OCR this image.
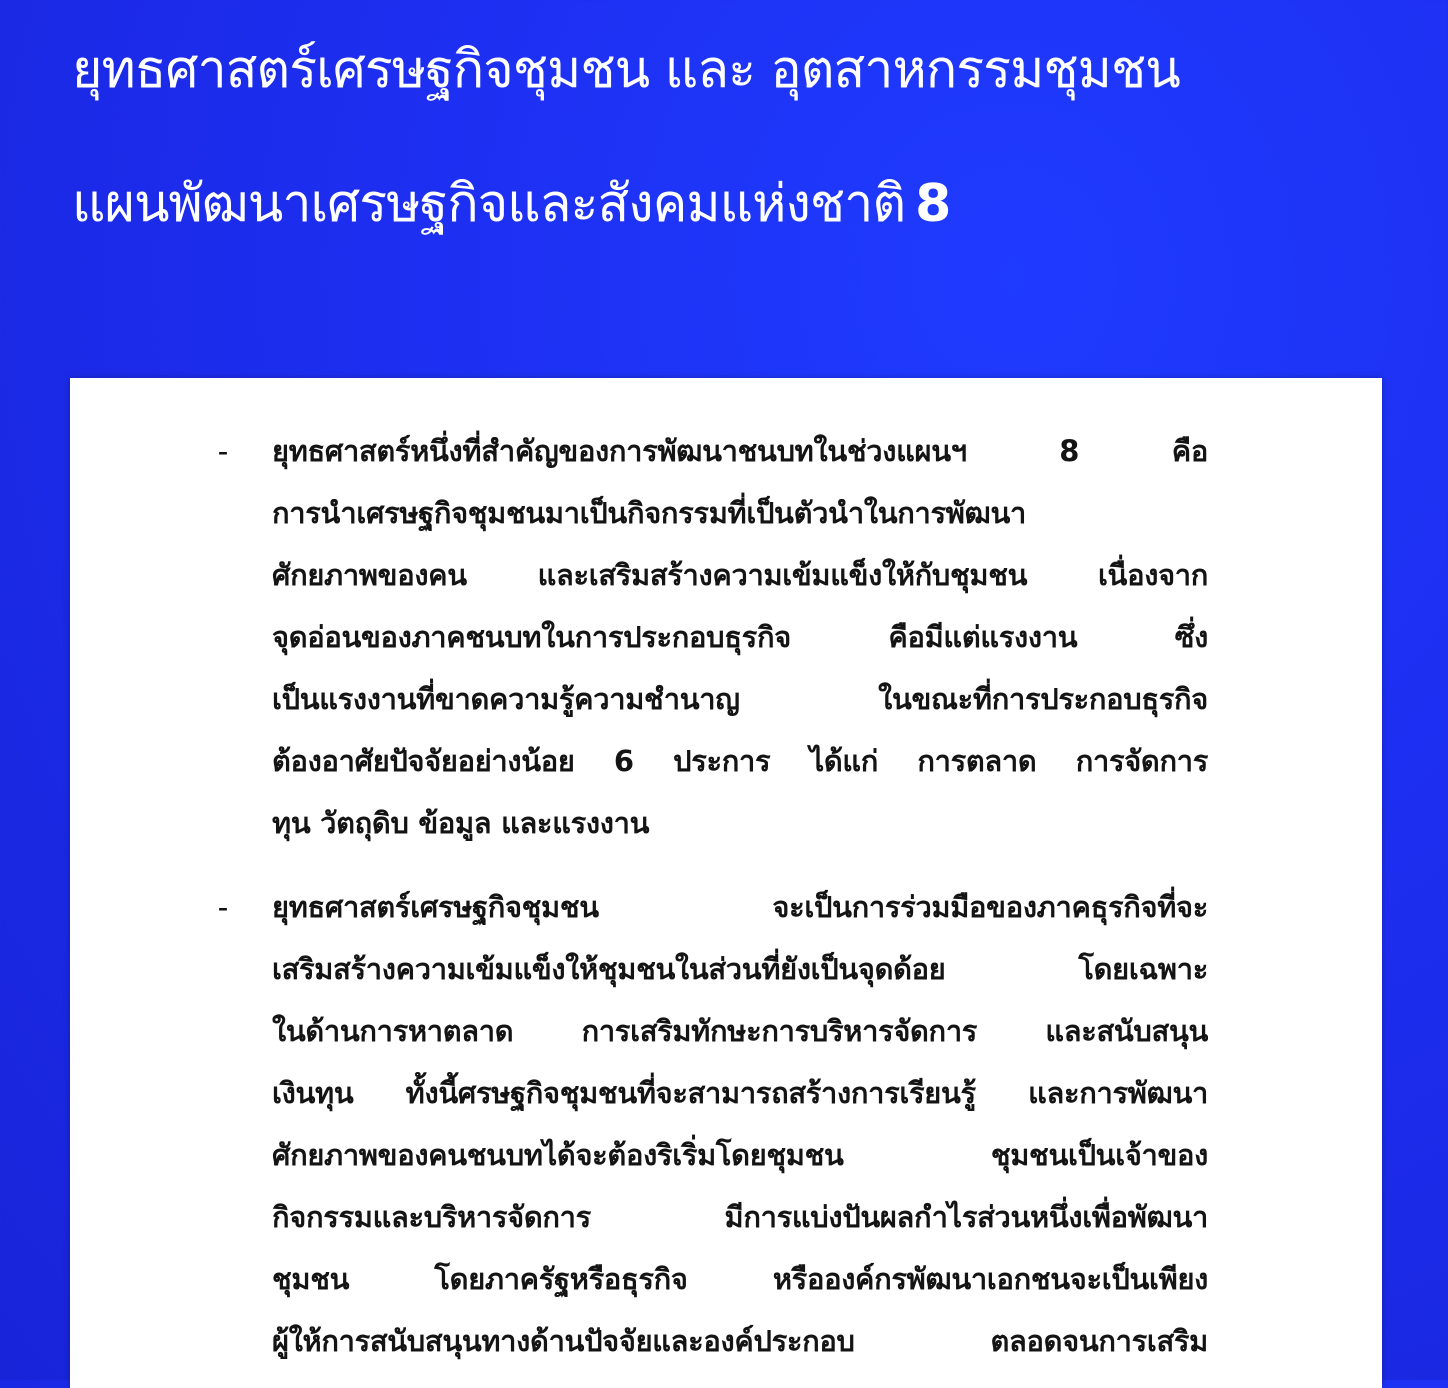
ยุทธศาสตร์เศรษฐกิจชุมชน และ อุตสาหกรรมชุมชน

แผนพัฒนาเศรษฐกิจและสังคมแห่งชาติ 8

- ยุทธศาสตร์หนึ่งที่สำคัญของการพัฒนาชนบทในช่วงแผนฯ 8 คือ
การนำเศรษฐกิจชุมชนมาเป็นกิจกรรมที่เป็นตัวนำในการพัฒนา
ศักยภาพของคน และเสริมสร้างความเข้มแข็งให้กับชุมชน เนื่องจาก
จุดอ่อนของภาคชนบทในการประกอบธุรกิจ คือมีแต่แรงงาน ซึ่ง
เป็นแรงงานที่ขาดความรู้ความชำนาญ ในขณะที่การประกอบธุรกิจ
ต้องอาศัยปัจจัยอย่างน้อย 6 ประการ ได้แก่ การตลาด การจัดการ
ทุน วัตถุดิบ ข้อมูล และแรงงาน
- ยุทธศาสตร์เศรษฐกิจชุมชน จะเป็นการร่วมมือของภาคธุรกิจที่จะ
เสริมสร้างความเข้มแข็งให้ชุมชนในส่วนที่ยังเป็นจุดด้อย โดยเฉพาะ
ในด้านการหาตลาด การเสริมทักษะการบริหารจัดการ และสนับสนุน
เงินทุน ทั้งนี้ศรษฐกิจชุมชนที่จะสามารถสร้างการเรียนรู้ และการพัฒนา
ศักยภาพของคนชนบทได้จะต้องริเริ่มโดยชุมชน ชุมชนเป็นเจ้าของ
กิจกรรมและบริหารจัดการ มีการแบ่งปันผลกำไรส่วนหนึ่งเพื่อพัฒนา
ชุมชน โดยภาครัฐหรือธุรกิจ หรือองค์กรพัฒนาเอกชนจะเป็นเพียง
ผู้ให้การสนับสนุนทางด้านปัจจัยและองค์ประกอบ ตลอดจนการเสริม
